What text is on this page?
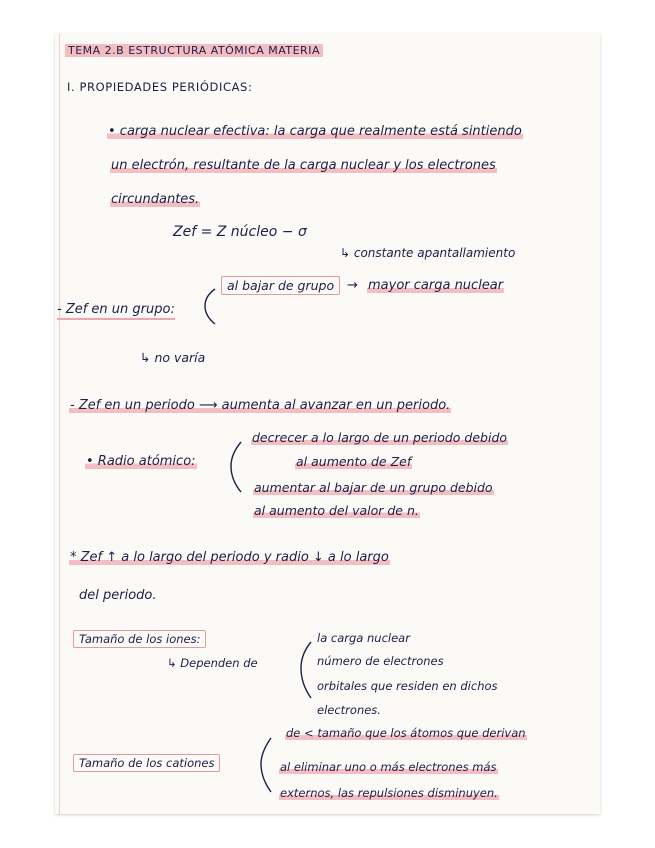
TEMA 2.B ESTRUCTURA ATÓMICA MATERIA
I. PROPIEDADES PERIÓDICAS:
• carga nuclear efectiva: la carga que realmente está sintiendo
un electrón, resultante de la carga nuclear y los electrones
circundantes.
Zef = Z núcleo − σ
↳ constante apantallamiento
- Zef en un grupo:
al bajar de grupo → mayor carga nuclear
↳ no varía
- Zef en un periodo ⟶ aumenta al avanzar en un periodo.
• Radio atómico:
decrecer a lo largo de un periodo debido
al aumento de Zef
aumentar al bajar de un grupo debido
al aumento del valor de n.
* Zef ↑ a lo largo del periodo y radio ↓ a lo largo
del periodo.
Tamaño de los iones:
↳ Dependen de
la carga nuclear
número de electrones
orbitales que residen en dichos
electrones.
Tamaño de los cationes
de < tamaño que los átomos que derivan
al eliminar uno o más electrones más
externos, las repulsiones disminuyen.
